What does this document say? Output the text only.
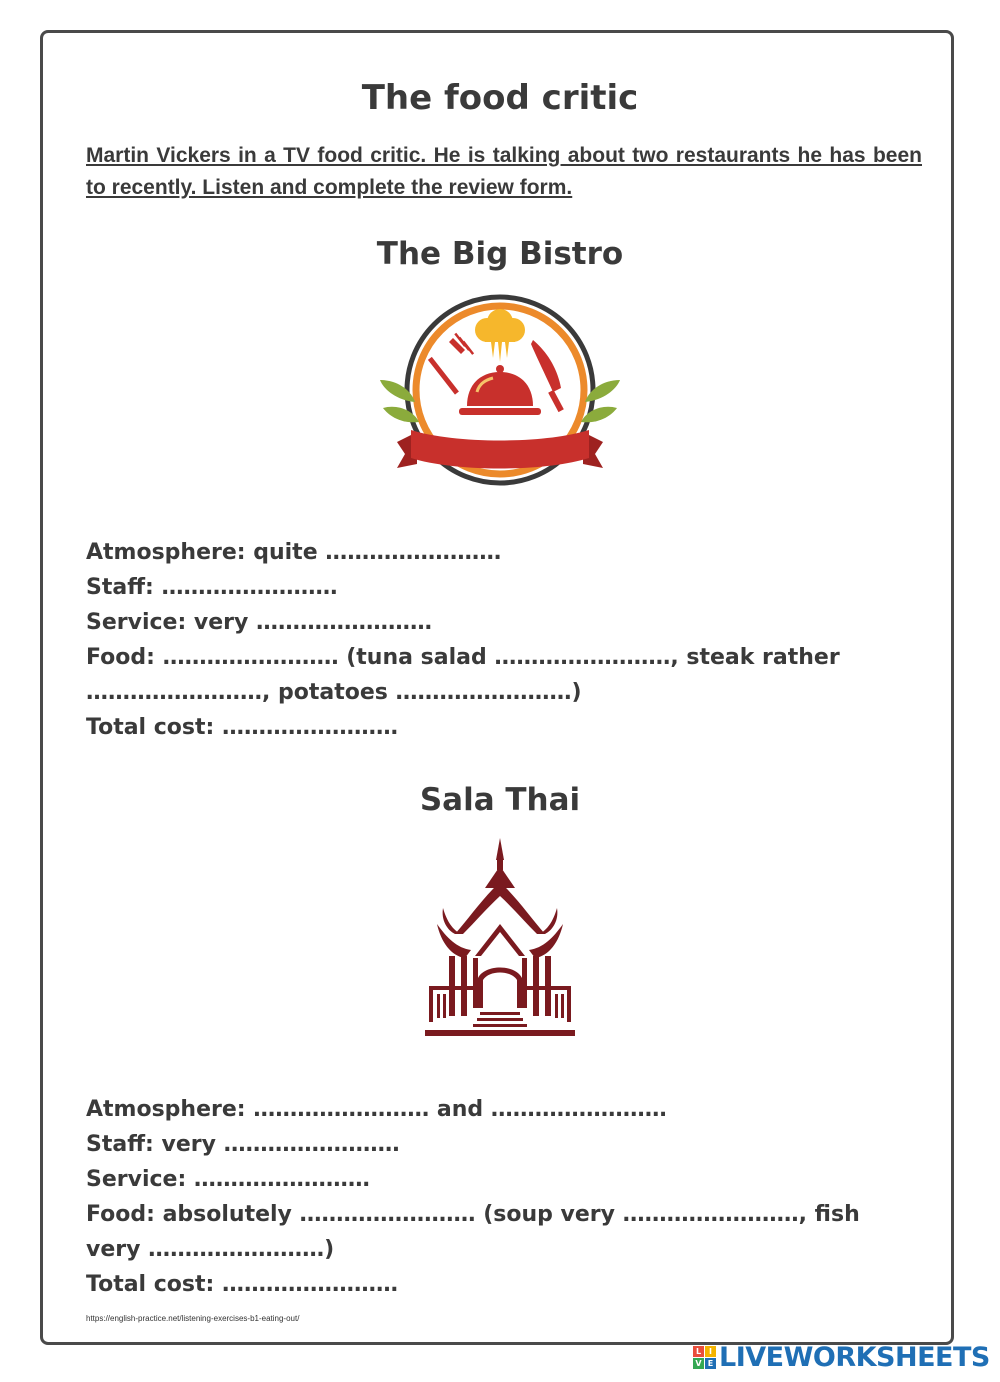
The food critic
Martin Vickers in a TV food critic. He is talking about two restaurants he has been to recently. Listen and complete the review form.
The Big Bistro
Atmosphere: quite ……………………
Staff: ……………………
Service: very ……………………
Food: …………………… (tuna salad ……………………, steak rather
……………………, potatoes ……………………)
Total cost: ……………………
Sala Thai
Atmosphere: …………………… and ……………………
Staff: very ……………………
Service: ……………………
Food: absolutely …………………… (soup very ……………………, fish
very ……………………)
Total cost: ……………………
https://english-practice.net/listening-exercises-b1-eating-out/
L I
V E LIVEWORKSHEETS
